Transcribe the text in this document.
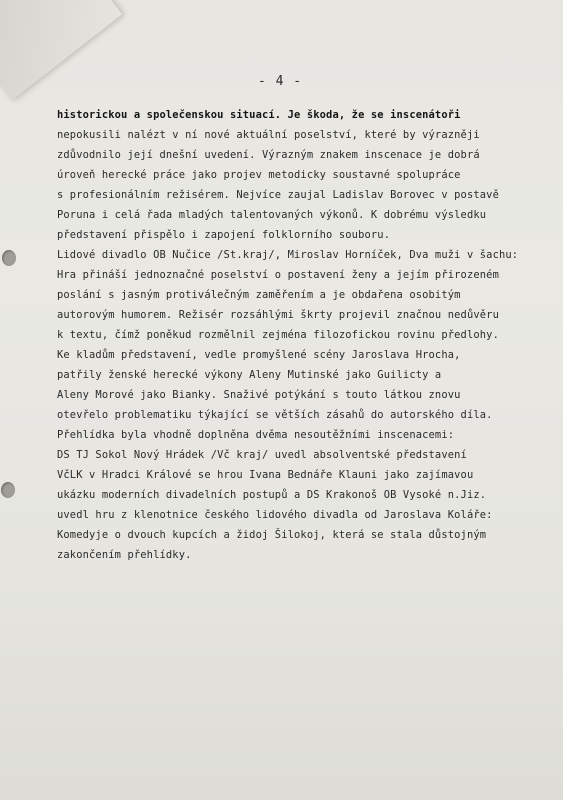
- 4 -
historickou a společenskou situací. Je škoda, že se inscenátoři
nepokusili nalézt v ní nové aktuální poselství, které by výrazněji
zdůvodnilo její dnešní uvedení. Výrazným znakem inscenace je dobrá
úroveň herecké práce jako projev metodicky soustavné spolupráce
s profesionálním režisérem. Nejvíce zaujal Ladislav Borovec v postavě
Poruna i celá řada mladých talentovaných výkonů. K dobrému výsledku
představení přispělo i zapojení folklorního souboru.
Lidové divadlo OB Nučice /St.kraj/, Miroslav Horníček, Dva muži v šachu:
Hra přináší jednoznačné poselství o postavení ženy a jejím přirozeném
poslání s jasným protiválečným zaměřením a je obdařena osobitým
autorovým humorem. Režisér rozsáhlými škrty projevil značnou nedůvěru
k textu, čímž poněkud rozmělnil zejména filozofickou rovinu předlohy.
Ke kladům představení, vedle promyšlené scény Jaroslava Hrocha,
patřily ženské herecké výkony Aleny Mutinské jako Guilicty a
Aleny Morové jako Bianky. Snaživé potýkání s touto látkou znovu
otevřelo problematiku týkající se větších zásahů do autorského díla.
Přehlídka byla vhodně doplněna dvěma nesoutěžními inscenacemi:
DS TJ Sokol Nový Hrádek /Vč kraj/ uvedl absolventské představení
VčLK v Hradci Králové se hrou Ivana Bednáře Klauni jako zajímavou
ukázku moderních divadelních postupů a DS Krakonoš OB Vysoké n.Jiz.
uvedl hru z klenotnice českého lidového divadla od Jaroslava Koláře:
Komedyje o dvouch kupcích a židoj Šilokoj, která se stala důstojným
zakončením přehlídky.
